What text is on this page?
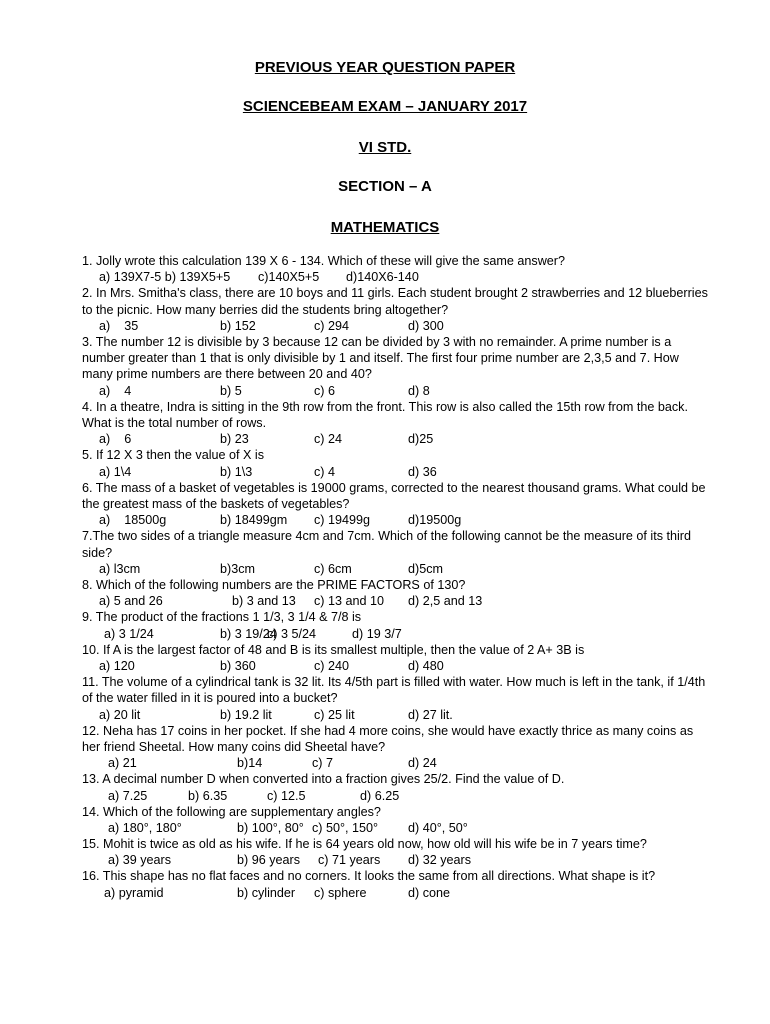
PREVIOUS YEAR QUESTION PAPER
SCIENCEBEAM EXAM – JANUARY 2017
VI STD.
SECTION – A
MATHEMATICS

1. Jolly wrote this calculation 139 X 6 - 134. Which of these will give the same answer?

a) 139X7-5 b) 139X5+5 c)140X5+5 d)140X6-140

2. In Mrs. Smitha's class, there are 10 boys and 11 girls. Each student brought 2 strawberries and 12 blueberries to the picnic. How many berries did the students bring altogether?

a)    35	b) 152	c) 294	d) 300

3. The number 12 is divisible by 3 because 12 can be divided by 3 with no remainder. A prime number is a number greater than 1 that is only divisible by 1 and itself. The first four prime number are 2,3,5 and 7. How many prime numbers are there between 20 and 40?

a)    4	b) 5	c) 6	d) 8

4. In a theatre, Indra is sitting in the 9th row from the front. This row is also called the 15th row from the back. What is the total number of rows.

a)    6	b) 23	c) 24	d)25

5. If 12 X 3 then the value of X is

a) 1\4	b) 1\3	c) 4	d) 36

6. The mass of a basket of vegetables is 19000 grams, corrected to the nearest thousand grams. What could be the greatest mass of the baskets of vegetables?

a)    18500g	b) 18499gm c) 19499g	d)19500g

7.The two sides of a triangle measure 4cm and 7cm. Which of the following cannot be the measure of its third side?

a) l3cm	b)3cm	c) 6cm	d)5cm

8. Which of the following numbers are the PRIME FACTORS of 130?

a) 5 and 26	b) 3 and 13 c) 13 and 10 d) 2,5 and 13

9. The product of the fractions 1 1/3, 3 1/4 & 7/8 is

a) 3 1/24	b) 3 19/24
c) 3 5/24	d) 19 3/7

10. If A is the largest factor of 48 and B is its smallest multiple, then the value of 2 A+ 3B is

a) 120	b) 360	c) 240	d) 480

11. The volume of a cylindrical tank is 32 lit. Its 4/5th part is filled with water. How much is left in the tank, if 1/4th of the water filled in it is poured into a bucket?

a) 20 lit	b) 19.2 lit	c) 25 lit	d) 27 lit.

12. Neha has 17 coins in her pocket. If she had 4 more coins, she would have exactly thrice as many coins as her friend Sheetal. How many coins did Sheetal have?

a) 21	b)14	c) 7	d) 24

13. A decimal number D when converted into a fraction gives 25/2. Find the value of D.

a) 7.25	b) 6.35	c) 12.5	d) 6.25

14. Which of the following are supplementary angles?

a) 180°, 180°	b) 100°, 80° c) 50°, 150° d) 40°, 50°

15. Mohit is twice as old as his wife. If he is 64 years old now, how old will his wife be in 7 years time?

a) 39 years	b) 96 years c) 71 years d) 32 years

16. This shape has no flat faces and no corners. It looks the same from all directions. What shape is it?

a) pyramid	b) cylinder c) sphere	d) cone
